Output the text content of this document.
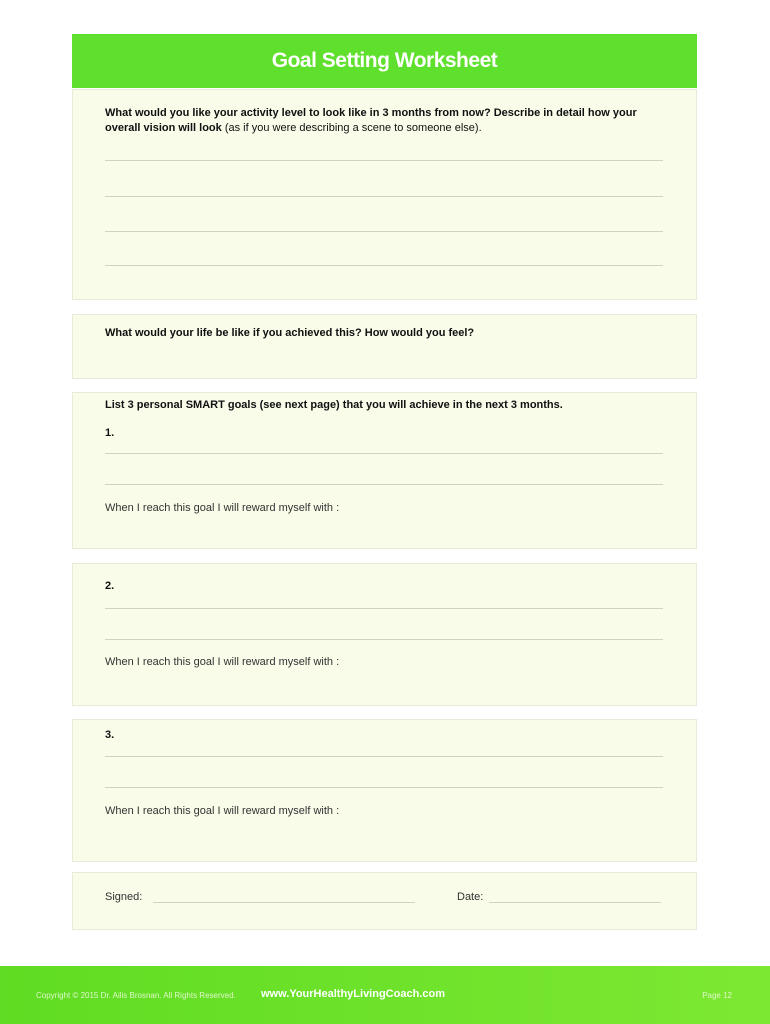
Goal Setting Worksheet
What would you like your activity level to look like in 3 months from now? Describe in detail how your overall vision will look (as if you were describing a scene to someone else).
What would your life be like if you achieved this? How would you feel?
List 3 personal SMART goals (see next page) that you will achieve in the next 3 months.
1.
When I reach this goal I will reward myself with :
2.
When I reach this goal I will reward myself with :
3.
When I reach this goal I will reward myself with :
Signed:	Date:
Copyright © 2015 Dr. Ailis Brosnan. All Rights Reserved. www.YourHealthyLivingCoach.com	Page 12
